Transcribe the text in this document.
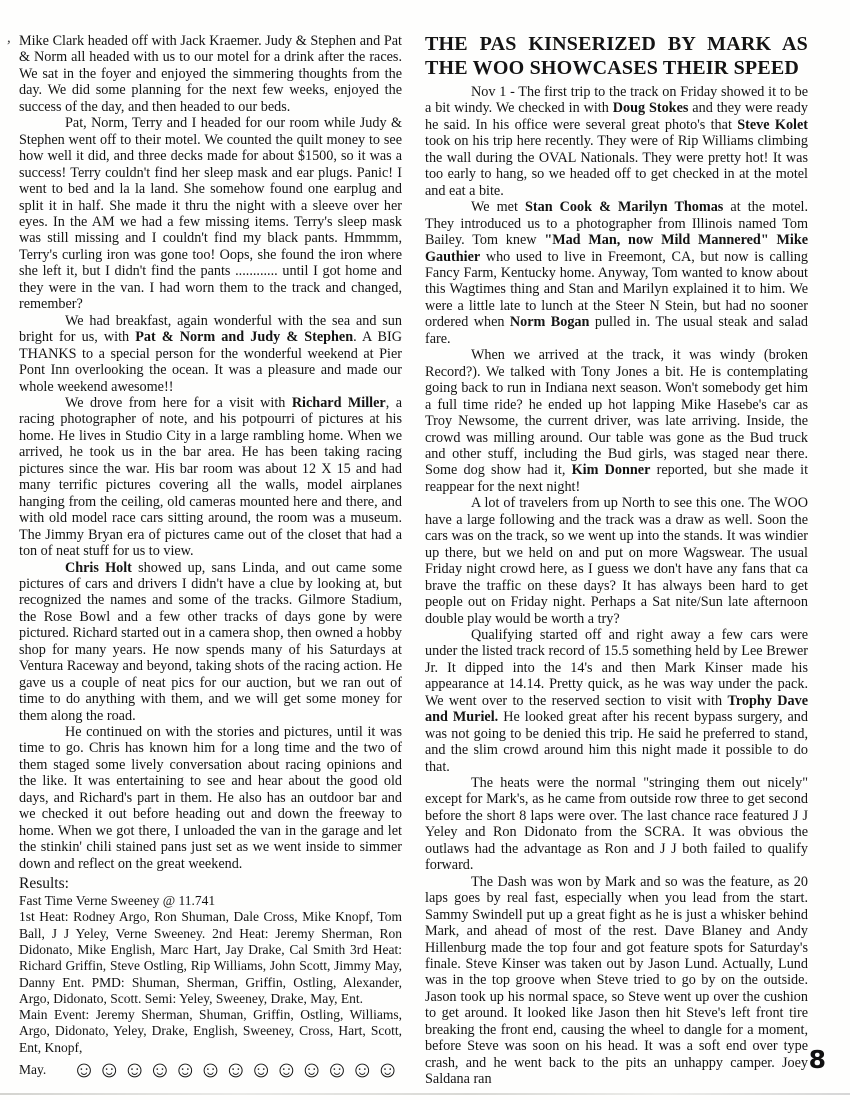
, Mike Clark headed off with Jack Kraemer. Judy & Stephen and Pat & Norm all headed with us to our motel for a drink after the races. We sat in the foyer and enjoyed the simmering thoughts from the day. We did some planning for the next few weeks, enjoyed the success of the day, and then headed to our beds.

Pat, Norm, Terry and I headed for our room while Judy & Stephen went off to their motel. We counted the quilt money to see how well it did, and three decks made for about $1500, so it was a success! Terry couldn't find her sleep mask and ear plugs. Panic! I went to bed and la la land. She somehow found one earplug and split it in half. She made it thru the night with a sleeve over her eyes. In the AM we had a few missing items. Terry's sleep mask was still missing and I couldn't find my black pants. Hmmmm, Terry's curling iron was gone too! Oops, she found the iron where she left it, but I didn't find the pants ............ until I got home and they were in the van. I had worn them to the track and changed, remember?

We had breakfast, again wonderful with the sea and sun bright for us, with Pat & Norm and Judy & Stephen. A BIG THANKS to a special person for the wonderful weekend at Pier Pont Inn overlooking the ocean. It was a pleasure and made our whole weekend awesome!!

We drove from here for a visit with Richard Miller, a racing photographer of note, and his potpourri of pictures at his home. He lives in Studio City in a large rambling home. When we arrived, he took us in the bar area. He has been taking racing pictures since the war. His bar room was about 12 X 15 and had many terrific pictures covering all the walls, model airplanes hanging from the ceiling, old cameras mounted here and there, and with old model race cars sitting around, the room was a museum. The Jimmy Bryan era of pictures came out of the closet that had a ton of neat stuff for us to view.

Chris Holt showed up, sans Linda, and out came some pictures of cars and drivers I didn't have a clue by looking at, but recognized the names and some of the tracks. Gilmore Stadium, the Rose Bowl and a few other tracks of days gone by were pictured. Richard started out in a camera shop, then owned a hobby shop for many years. He now spends many of his Saturdays at Ventura Raceway and beyond, taking shots of the racing action. He gave us a couple of neat pics for our auction, but we ran out of time to do anything with them, and we will get some money for them along the road.

He continued on with the stories and pictures, until it was time to go. Chris has known him for a long time and the two of them staged some lively conversation about racing opinions and the like. It was entertaining to see and hear about the good old days, and Richard's part in them. He also has an outdoor bar and we checked it out before heading out and down the freeway to home. When we got there, I unloaded the van in the garage and let the stinkin' chili stained pans just set as we went inside to simmer down and reflect on the great weekend.

Results:

Fast Time Verne Sweeney @ 11.741

1st Heat: Rodney Argo, Ron Shuman, Dale Cross, Mike Knopf, Tom Ball, J J Yeley, Verne Sweeney. 2nd Heat: Jeremy Sherman, Ron Didonato, Mike English, Marc Hart, Jay Drake, Cal Smith 3rd Heat: Richard Griffin, Steve Ostling, Rip Williams, John Scott, Jimmy May, Danny Ent. PMD: Shuman, Sherman, Griffin, Ostling, Alexander, Argo, Didonato, Scott. Semi: Yeley, Sweeney, Drake, May, Ent.

Main Event: Jeremy Sherman, Shuman, Griffin, Ostling, Williams, Argo, Didonato, Yeley, Drake, English, Sweeney, Cross, Hart, Scott, Ent, Knopf,

May. ☺☺☺☺☺☺☺☺☺☺☺☺☺
THE PAS KINSERIZED BY MARK AS THE WOO SHOWCASES THEIR SPEED

Nov 1 - The first trip to the track on Friday showed it to be a bit windy. We checked in with Doug Stokes and they were ready he said. In his office were several great photo's that Steve Kolet took on his trip here recently. They were of Rip Williams climbing the wall during the OVAL Nationals. They were pretty hot! It was too early to hang, so we headed off to get checked in at the motel and eat a bite.

We met Stan Cook & Marilyn Thomas at the motel. They introduced us to a photographer from Illinois named Tom Bailey. Tom knew "Mad Man, now Mild Mannered" Mike Gauthier who used to live in Freemont, CA, but now is calling Fancy Farm, Kentucky home. Anyway, Tom wanted to know about this Wagtimes thing and Stan and Marilyn explained it to him. We were a little late to lunch at the Steer N Stein, but had no sooner ordered when Norm Bogan pulled in. The usual steak and salad fare.

When we arrived at the track, it was windy (broken Record?). We talked with Tony Jones a bit. He is contemplating going back to run in Indiana next season. Won't somebody get him a full time ride? he ended up hot lapping Mike Hasebe's car as Troy Newsome, the current driver, was late arriving. Inside, the crowd was milling around. Our table was gone as the Bud truck and other stuff, including the Bud girls, was staged near there. Some dog show had it, Kim Donner reported, but she made it reappear for the next night!

A lot of travelers from up North to see this one. The WOO have a large following and the track was a draw as well. Soon the cars was on the track, so we went up into the stands. It was windier up there, but we held on and put on more Wagswear. The usual Friday night crowd here, as I guess we don't have any fans that ca brave the traffic on these days? It has always been hard to get people out on Friday night. Perhaps a Sat nite/Sun late afternoon double play would be worth a try?

Qualifying started off and right away a few cars were under the listed track record of 15.5 something held by Lee Brewer Jr. It dipped into the 14's and then Mark Kinser made his appearance at 14.14. Pretty quick, as he was way under the pack. We went over to the reserved section to visit with Trophy Dave and Muriel. He looked great after his recent bypass surgery, and was not going to be denied this trip. He said he preferred to stand, and the slim crowd around him this night made it possible to do that.

The heats were the normal "stringing them out nicely" except for Mark's, as he came from outside row three to get second before the short 8 laps were over. The last chance race featured J J Yeley and Ron Didonato from the SCRA. It was obvious the outlaws had the advantage as Ron and J J both failed to qualify forward.

The Dash was won by Mark and so was the feature, as 20 laps goes by real fast, especially when you lead from the start. Sammy Swindell put up a great fight as he is just a whisker behind Mark, and ahead of most of the rest. Dave Blaney and Andy Hillenburg made the top four and got feature spots for Saturday's finale. Steve Kinser was taken out by Jason Lund. Actually, Lund was in the top groove when Steve tried to go by on the outside. Jason took up his normal space, so Steve went up over the cushion to get around. It looked like Jason then hit Steve's left front tire breaking the front end, causing the wheel to dangle for a moment, before Steve was soon on his head. It was a soft end over type crash, and he went back to the pits an unhappy camper. Joey Saldana ran

8
